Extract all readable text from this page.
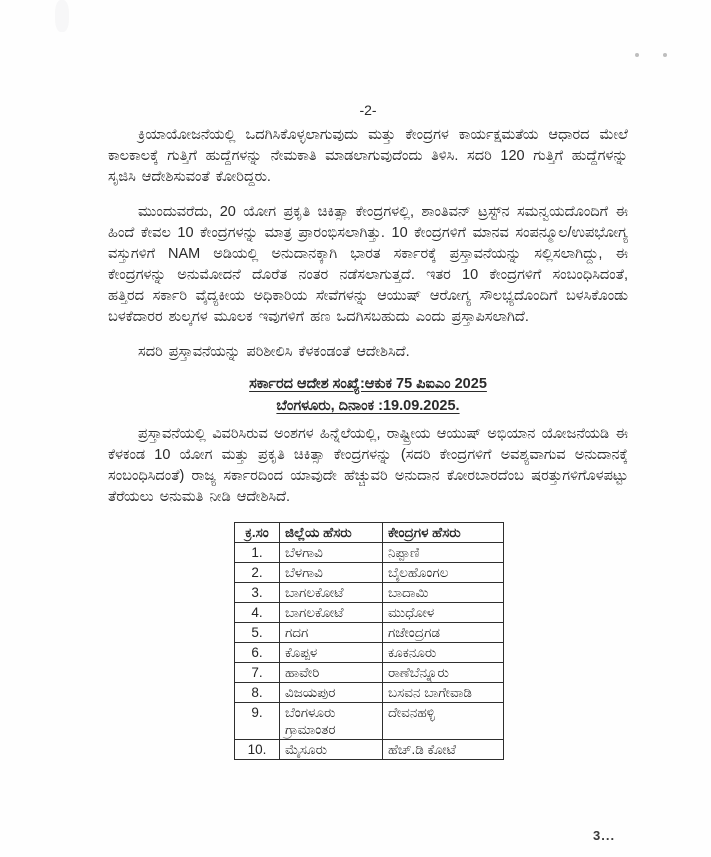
-2-

ಕ್ರಿಯಾಯೋಜನೆಯಲ್ಲಿ ಒದಗಿಸಿಕೊಳ್ಳಲಾಗುವುದು ಮತ್ತು ಕೇಂದ್ರಗಳ ಕಾರ್ಯಕ್ಷಮತೆಯ ಆಧಾರದ ಮೇಲೆ ಕಾಲಕಾಲಕ್ಕೆ ಗುತ್ತಿಗೆ ಹುದ್ದೆಗಳನ್ನು ನೇಮಕಾತಿ ಮಾಡಲಾಗುವುದೆಂದು ತಿಳಿಸಿ. ಸದರಿ 120 ಗುತ್ತಿಗೆ ಹುದ್ದೆಗಳನ್ನು ಸೃಜಿಸಿ ಆದೇಶಿಸುವಂತೆ ಕೋರಿದ್ದರು.

ಮುಂದುವರೆದು, 20 ಯೋಗ ಪ್ರಕೃತಿ ಚಿಕಿತ್ಸಾ ಕೇಂದ್ರಗಳಲ್ಲಿ, ಶಾಂತಿವನ್ ಟ್ರಸ್ಟ್‌ನ ಸಮನ್ವಯದೊಂದಿಗೆ ಈ ಹಿಂದೆ ಕೇವಲ 10 ಕೇಂದ್ರಗಳನ್ನು ಮಾತ್ರ ಪ್ರಾರಂಭಿಸಲಾಗಿತ್ತು. 10 ಕೇಂದ್ರಗಳಿಗೆ ಮಾನವ ಸಂಪನ್ಮೂಲ/ಉಪಭೋಗ್ಯ ವಸ್ತುಗಳಿಗೆ NAM ಅಡಿಯಲ್ಲಿ ಅನುದಾನಕ್ಕಾಗಿ ಭಾರತ ಸರ್ಕಾರಕ್ಕೆ ಪ್ರಸ್ತಾವನೆಯನ್ನು ಸಲ್ಲಿಸಲಾಗಿದ್ದು, ಈ ಕೇಂದ್ರಗಳನ್ನು ಅನುಮೋದನೆ ದೊರೆತ ನಂತರ ನಡೆಸಲಾಗುತ್ತದೆ. ಇತರ 10 ಕೇಂದ್ರಗಳಿಗೆ ಸಂಬಂಧಿಸಿದಂತೆ, ಹತ್ತಿರದ ಸರ್ಕಾರಿ ವೈದ್ಯಕೀಯ ಅಧಿಕಾರಿಯ ಸೇವೆಗಳನ್ನು ಆಯುಷ್ ಆರೋಗ್ಯ ಸೌಲಭ್ಯದೊಂದಿಗೆ ಬಳಸಿಕೊಂಡು ಬಳಕೆದಾರರ ಶುಲ್ಕಗಳ ಮೂಲಕ ಇವುಗಳಿಗೆ ಹಣ ಒದಗಿಸಬಹುದು ಎಂದು ಪ್ರಸ್ತಾಪಿಸಲಾಗಿದೆ.

ಸದರಿ ಪ್ರಸ್ತಾವನೆಯನ್ನು ಪರಿಶೀಲಿಸಿ ಕೆಳಕಂಡಂತೆ ಆದೇಶಿಸಿದೆ.

ಸರ್ಕಾರದ ಆದೇಶ ಸಂಖ್ಯೆ:ಆಕುಕ 75 ಪಿಐಎಂ 2025
ಬೆಂಗಳೂರು, ದಿನಾಂಕ :19.09.2025.

ಪ್ರಸ್ತಾವನೆಯಲ್ಲಿ ವಿವರಿಸಿರುವ ಅಂಶಗಳ ಹಿನ್ನೆಲೆಯಲ್ಲಿ, ರಾಷ್ಟ್ರೀಯ ಆಯುಷ್ ಅಭಿಯಾನ ಯೋಜನೆಯಡಿ ಈ ಕೆಳಕಂಡ 10 ಯೋಗ ಮತ್ತು ಪ್ರಕೃತಿ ಚಿಕಿತ್ಸಾ ಕೇಂದ್ರಗಳನ್ನು (ಸದರಿ ಕೇಂದ್ರಗಳಿಗೆ ಅವಶ್ಯವಾಗುವ ಅನುದಾನಕ್ಕೆ ಸಂಬಂಧಿಸಿದಂತೆ) ರಾಜ್ಯ ಸರ್ಕಾರದಿಂದ ಯಾವುದೇ ಹೆಚ್ಚುವರಿ ಅನುದಾನ ಕೋರಬಾರದೆಂಬ ಷರತ್ತುಗಳಿಗೊಳಪಟ್ಟು ತೆರೆಯಲು ಅನುಮತಿ ನೀಡಿ ಆದೇಶಿಸಿದೆ.

ಕ್ರ.ಸಂ	ಜಿಲ್ಲೆಯ ಹೆಸರು	ಕೇಂದ್ರಗಳ ಹೆಸರು
1.	ಬೆಳಗಾವಿ	ನಿಪ್ಪಾಣಿ
2.	ಬೆಳಗಾವಿ	ಬೈಲಹೊಂಗಲ
3.	ಬಾಗಲಕೋಟೆ	ಬಾದಾಮಿ
4.	ಬಾಗಲಕೋಟೆ	ಮುಧೋಳ
5.	ಗದಗ	ಗಜೇಂದ್ರಗಡ
6.	ಕೊಪ್ಪಳ	ಕೂಕನೂರು
7.	ಹಾವೇರಿ	ರಾಣೆಬೆನ್ನೂರು
8.	ವಿಜಯಪುರ	ಬಸವನ ಬಾಗೇವಾಡಿ
9.	ಬೆಂಗಳೂರು ಗ್ರಾಮಾಂತರ	ದೇವನಹಳ್ಳಿ
10.	ಮೈಸೂರು	ಹೆಚ್.ಡಿ ಕೋಟೆ
3...
